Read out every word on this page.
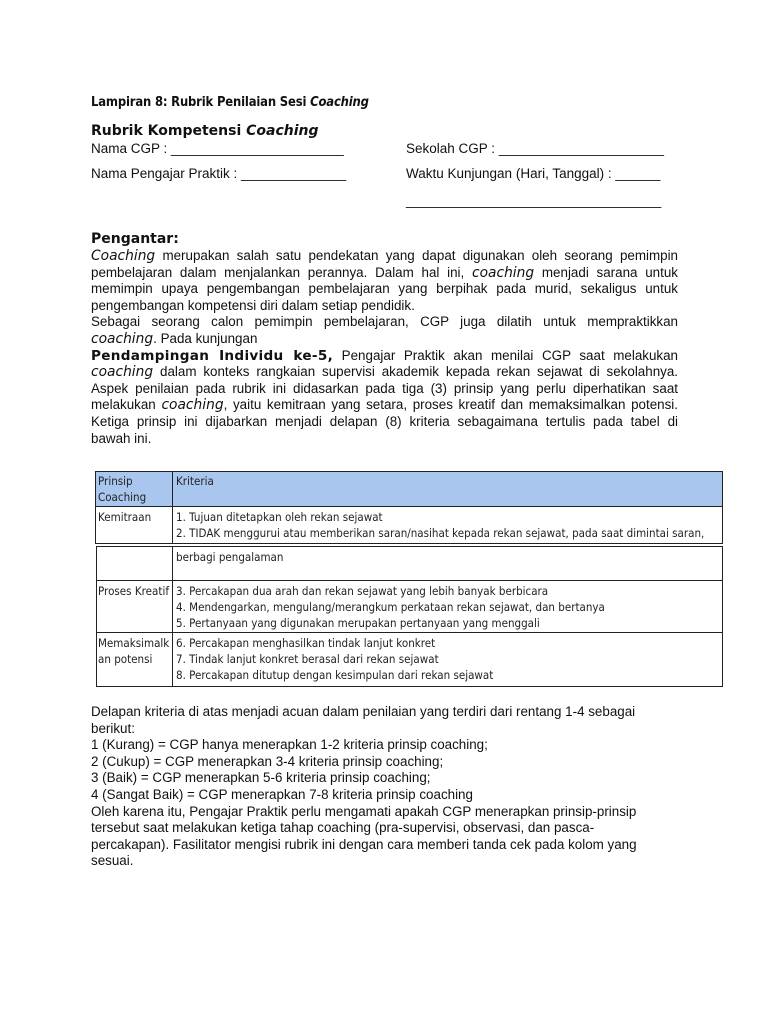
Lampiran 8: Rubrik Penilaian Sesi Coaching
Rubrik Kompetensi Coaching
Nama CGP : _______________________	Sekolah CGP : ______________________
Nama Pengajar Praktik : ______________	Waktu Kunjungan (Hari, Tanggal) : ______
__________________________________
Pengantar:
Coaching merupakan salah satu pendekatan yang dapat digunakan oleh seorang pemimpin
pembelajaran dalam menjalankan perannya. Dalam hal ini, coaching menjadi sarana untuk
memimpin upaya pengembangan pembelajaran yang berpihak pada murid, sekaligus untuk
pengembangan kompetensi diri dalam setiap pendidik.
Sebagai seorang calon pemimpin pembelajaran, CGP juga dilatih untuk mempraktikkan
coaching. Pada kunjungan
Pendampingan Individu ke-5, Pengajar Praktik akan menilai CGP saat melakukan
coaching dalam konteks rangkaian supervisi akademik kepada rekan sejawat di sekolahnya.
Aspek penilaian pada rubrik ini didasarkan pada tiga (3) prinsip yang perlu diperhatikan saat
melakukan coaching, yaitu kemitraan yang setara, proses kreatif dan memaksimalkan potensi.
Ketiga prinsip ini dijabarkan menjadi delapan (8) kriteria sebagaimana tertulis pada tabel di
bawah ini.
Prinsip
Coaching
Kriteria
Kemitraan 1. Tujuan ditetapkan oleh rekan sejawat
2. TIDAK menggurui atau memberikan saran/nasihat kepada rekan sejawat, pada saat dimintai saran,
berbagi pengalaman
Proses Kreatif 3. Percakapan dua arah dan rekan sejawat yang lebih banyak berbicara
4. Mendengarkan, mengulang/merangkum perkataan rekan sejawat, dan bertanya
5. Pertanyaan yang digunakan merupakan pertanyaan yang menggali
Memaksimalk
an potensi
6. Percakapan menghasilkan tindak lanjut konkret
7. Tindak lanjut konkret berasal dari rekan sejawat
8. Percakapan ditutup dengan kesimpulan dari rekan sejawat
Delapan kriteria di atas menjadi acuan dalam penilaian yang terdiri dari rentang 1-4 sebagai
berikut:
1 (Kurang) = CGP hanya menerapkan 1-2 kriteria prinsip coaching;
2 (Cukup) = CGP menerapkan 3-4 kriteria prinsip coaching;
3 (Baik) = CGP menerapkan 5-6 kriteria prinsip coaching;
4 (Sangat Baik) = CGP menerapkan 7-8 kriteria prinsip coaching
Oleh karena itu, Pengajar Praktik perlu mengamati apakah CGP menerapkan prinsip-prinsip
tersebut saat melakukan ketiga tahap coaching (pra-supervisi, observasi, dan pasca-
percakapan). Fasilitator mengisi rubrik ini dengan cara memberi tanda cek pada kolom yang
sesuai.
